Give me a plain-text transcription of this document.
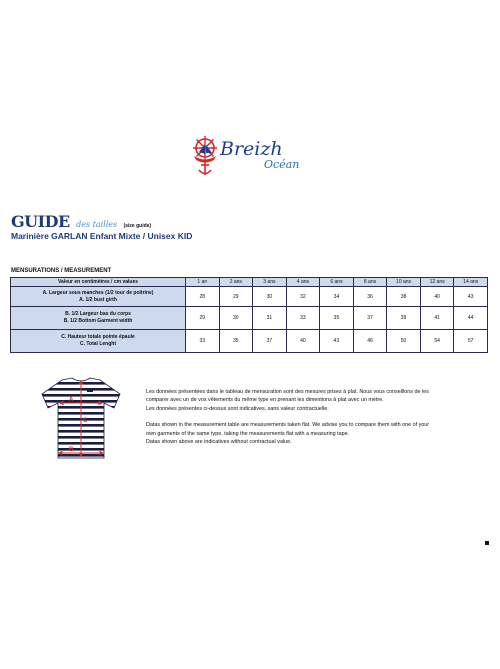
Breizh
Océan
GUIDE des tailles (size guide)
Marinière GARLAN Enfant Mixte / Unisex KID
MENSURATIONS / MEASUREMENT
Valeur en centimètres / cm values	1 an	2 ans	3 ans	4 ans	6 ans	8 ans	10 ans	12 ans	14 ans

A. Largeur sous manches (1/2 tour de poitrine)
A. 1/2 bust girth	28	29	30	32	34	36	38	40	43

B. 1/2 Largeur bas du corps
B. 1/2 Bottom Garment width	29	30	31	33	35	37	39	41	44

C. Hauteur totale pointe épaule
C. Total Lenght	33	35	37	40	43	46	50	54	57
A
B
C

Les données présentées dans le tableau de mensuration sont des mesures prises à plat. Nous vous conseillons de les

comparer avec un de vos vêtements du même type en prenant les dimentions à plat avec un mètre.

Les données présentes ci-dessus sont indicatives, sans valeur contractuelle.

Datas shown in the measurement table are measurements taken flat. We advise you to compare them with one of your

own garments of the same type, taking the measurements flat with a measuring tape.

Datas shown above are indicatives without contractual value.
